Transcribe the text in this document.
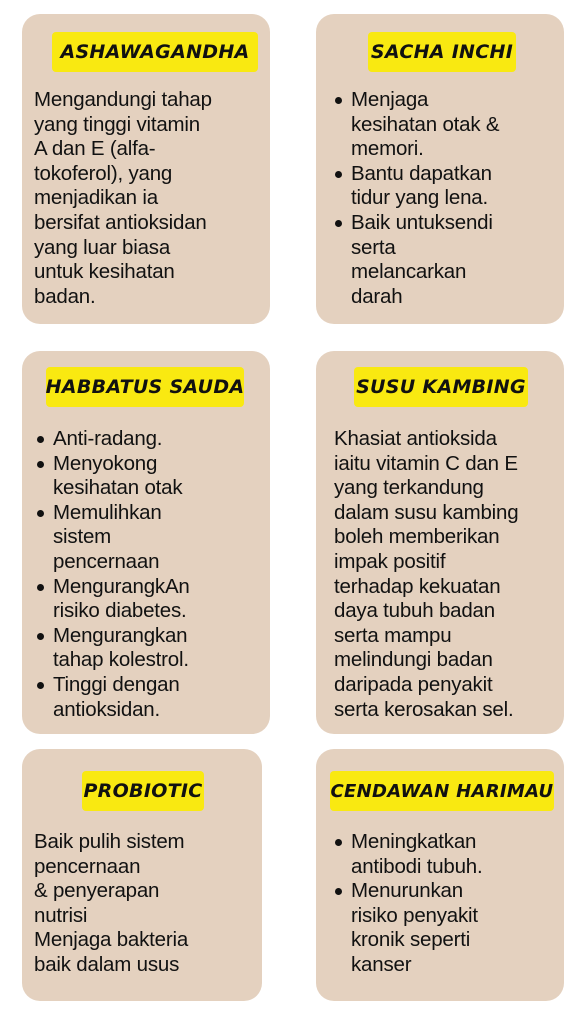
ASHAWAGANDHA
Mengandungi tahap
yang tinggi vitamin
A dan E (alfa-
tokoferol), yang
menjadikan ia
bersifat antioksidan
yang luar biasa
untuk kesihatan
badan.
SACHA INCHI
Menjaga
kesihatan otak &
memori.
Bantu dapatkan
tidur yang lena.
Baik untuksendi
serta
melancarkan
darah
HABBATUS SAUDA
Anti-radang.
Menyokong
kesihatan otak
Memulihkan
sistem
pencernaan
MengurangkAn
risiko diabetes.
Mengurangkan
tahap kolestrol.
Tinggi dengan
antioksidan.
SUSU KAMBING
Khasiat antioksida
iaitu vitamin C dan E
yang terkandung
dalam susu kambing
boleh memberikan
impak positif
terhadap kekuatan
daya tubuh badan
serta mampu
melindungi badan
daripada penyakit
serta kerosakan sel.
PROBIOTIC
Baik pulih sistem
pencernaan
& penyerapan
nutrisi
Menjaga bakteria
baik dalam usus
CENDAWAN HARIMAU
Meningkatkan
antibodi tubuh.
Menurunkan
risiko penyakit
kronik seperti
kanser
